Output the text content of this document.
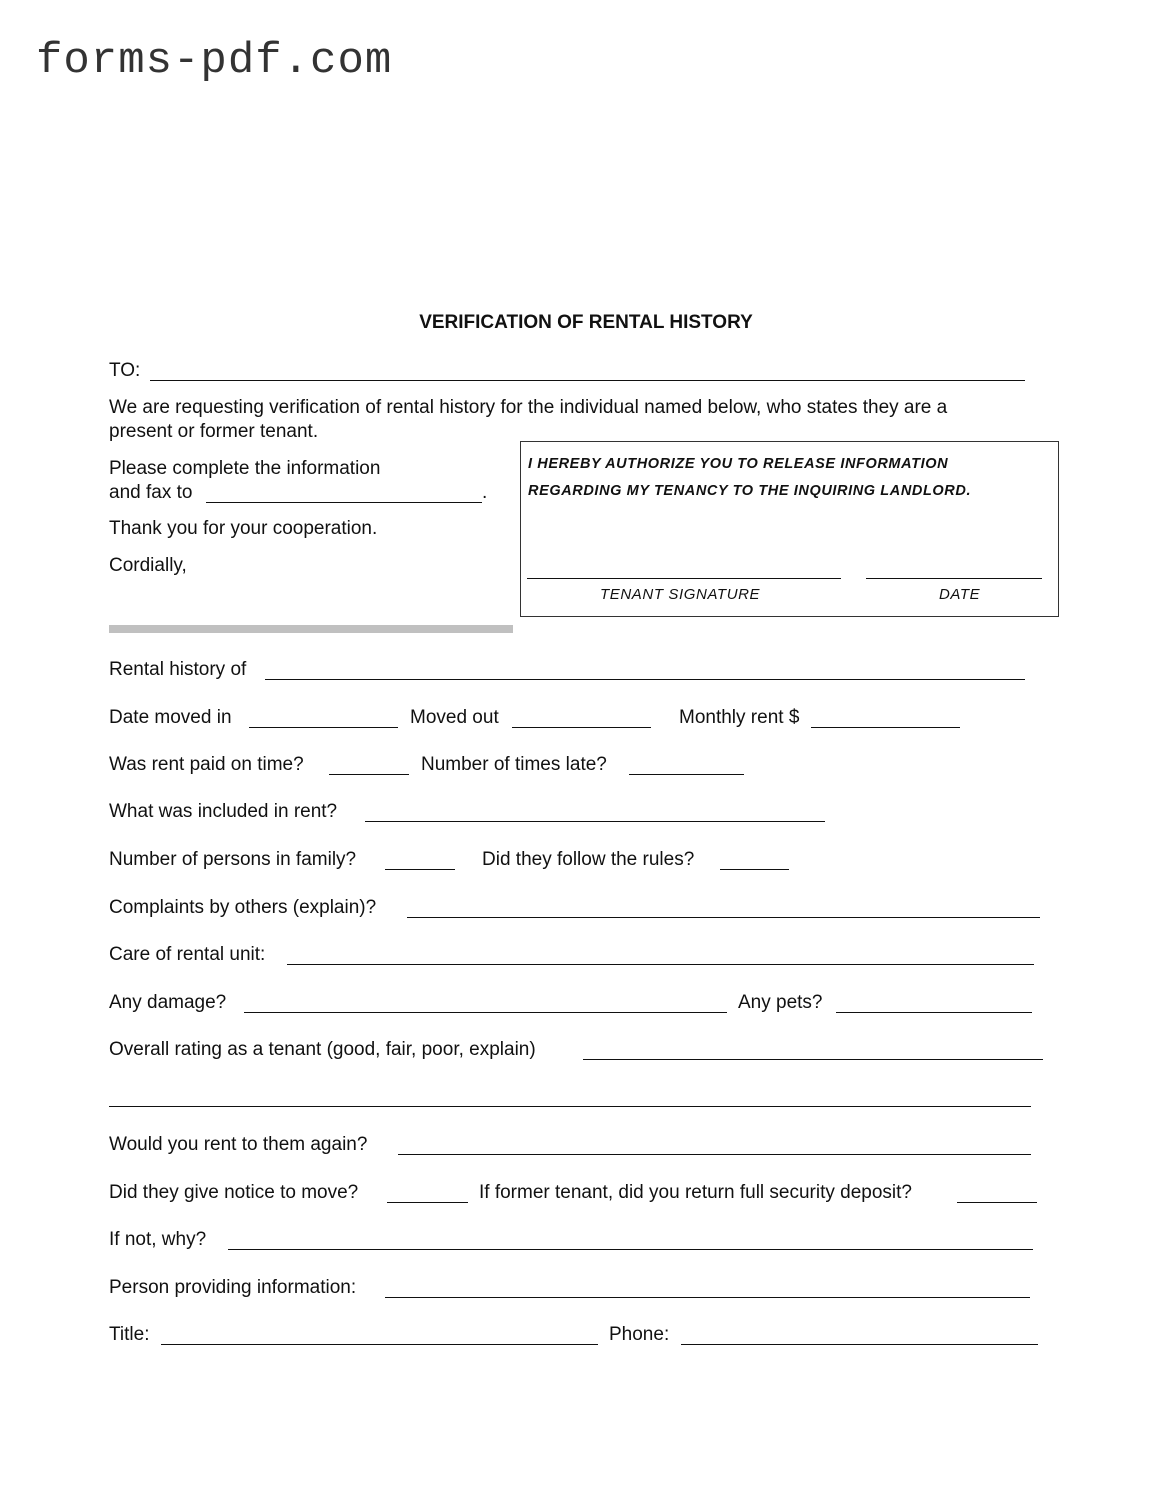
forms-pdf.com
VERIFICATION OF RENTAL HISTORY
TO:
We are requesting verification of rental history for the individual named below, who states they are a
present or former tenant.
Please complete the information
and fax to	.
Thank you for your cooperation.
Cordially,
I HEREBY AUTHORIZE YOU TO RELEASE INFORMATION
REGARDING MY TENANCY TO THE INQUIRING LANDLORD.
TENANT SIGNATURE	DATE
Rental history of
Date moved in	Moved out	Monthly rent $
Was rent paid on time?	Number of times late?
What was included in rent?
Number of persons in family?	Did they follow the rules?
Complaints by others (explain)?
Care of rental unit:
Any damage?	Any pets?
Overall rating as a tenant (good, fair, poor, explain)
Would you rent to them again?
Did they give notice to move?	If former tenant, did you return full security deposit?
If not, why?
Person providing information:
Title:	Phone:
